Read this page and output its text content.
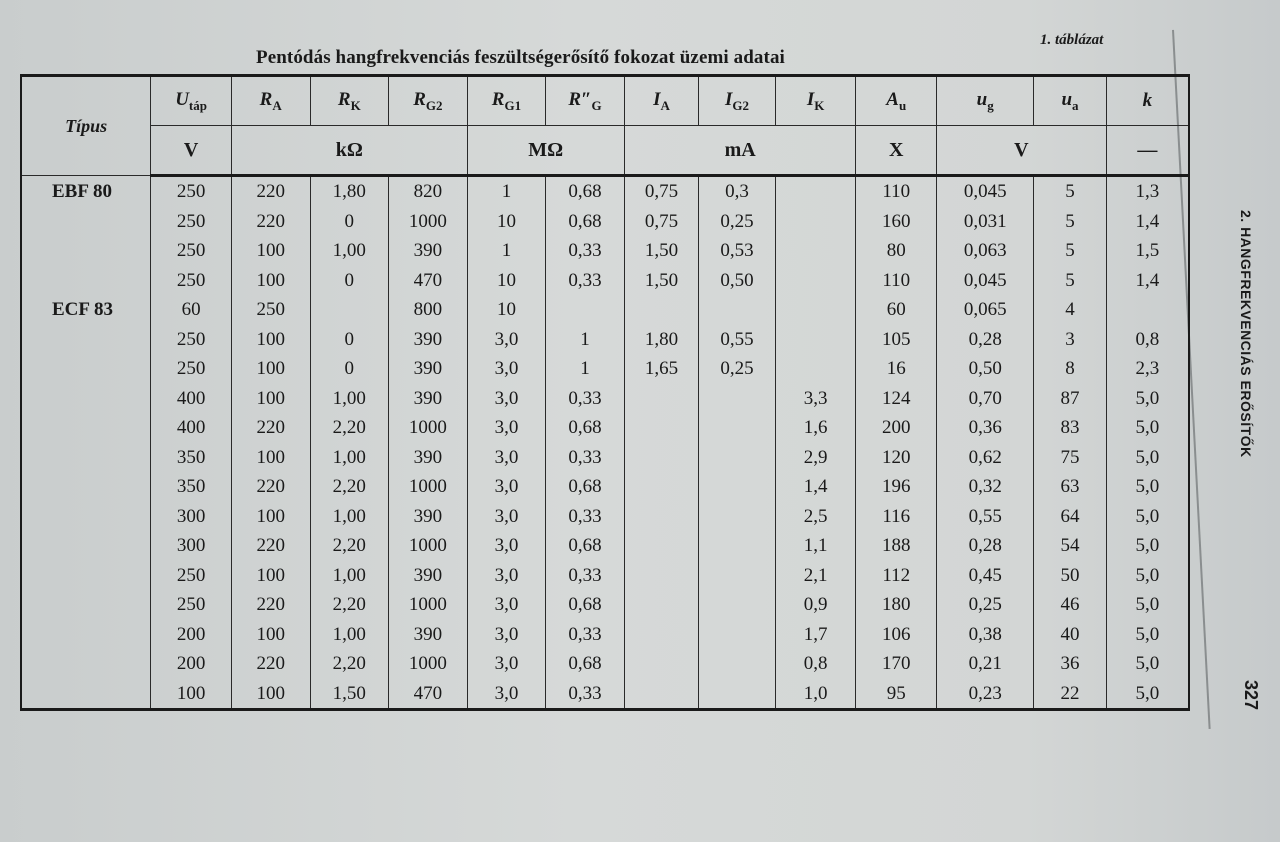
1. táblázat
Pentódás hangfrekvenciás feszültségerősítő fokozat üzemi adatai
2. HANGFREKVENCIÁS ERŐSÍTŐK
327
Típus	$U_{táp}$	$R_A$	$R_K$	$R_{G2}$	$R_{G1}$	$R''_G$	$I_A$	$I_{G2}$	$I_K$	$A_u$	$u_g$	$u_a$	k
	V	kΩ			MΩ		mA			X	V		—
EBF 80	250	220	1,80	820	1	0,68	0,75	0,3		110	0,045	5	1,3
	250	220	0	1000	10	0,68	0,75	0,25		160	0,031	5	1,4
	250	100	1,00	390	1	0,33	1,50	0,53		80	0,063	5	1,5
	250	100	0	470	10	0,33	1,50	0,50		110	0,045	5	1,4
ECF 83	60	250		800	10					60	0,065	4	
	250	100	0	390	3,0	1	1,80	0,55		105	0,28	3	0,8
	250	100	0	390	3,0	1	1,65	0,25		16	0,50	8	2,3
	400	100	1,00	390	3,0	0,33			3,3	124	0,70	87	5,0
	400	220	2,20	1000	3,0	0,68			1,6	200	0,36	83	5,0
	350	100	1,00	390	3,0	0,33			2,9	120	0,62	75	5,0
	350	220	2,20	1000	3,0	0,68			1,4	196	0,32	63	5,0
	300	100	1,00	390	3,0	0,33			2,5	116	0,55	64	5,0
	300	220	2,20	1000	3,0	0,68			1,1	188	0,28	54	5,0
	250	100	1,00	390	3,0	0,33			2,1	112	0,45	50	5,0
	250	220	2,20	1000	3,0	0,68			0,9	180	0,25	46	5,0
	200	100	1,00	390	3,0	0,33			1,7	106	0,38	40	5,0
	200	220	2,20	1000	3,0	0,68			0,8	170	0,21	36	5,0
	100	100	1,50	470	3,0	0,33			1,0	95	0,23	22	5,0
